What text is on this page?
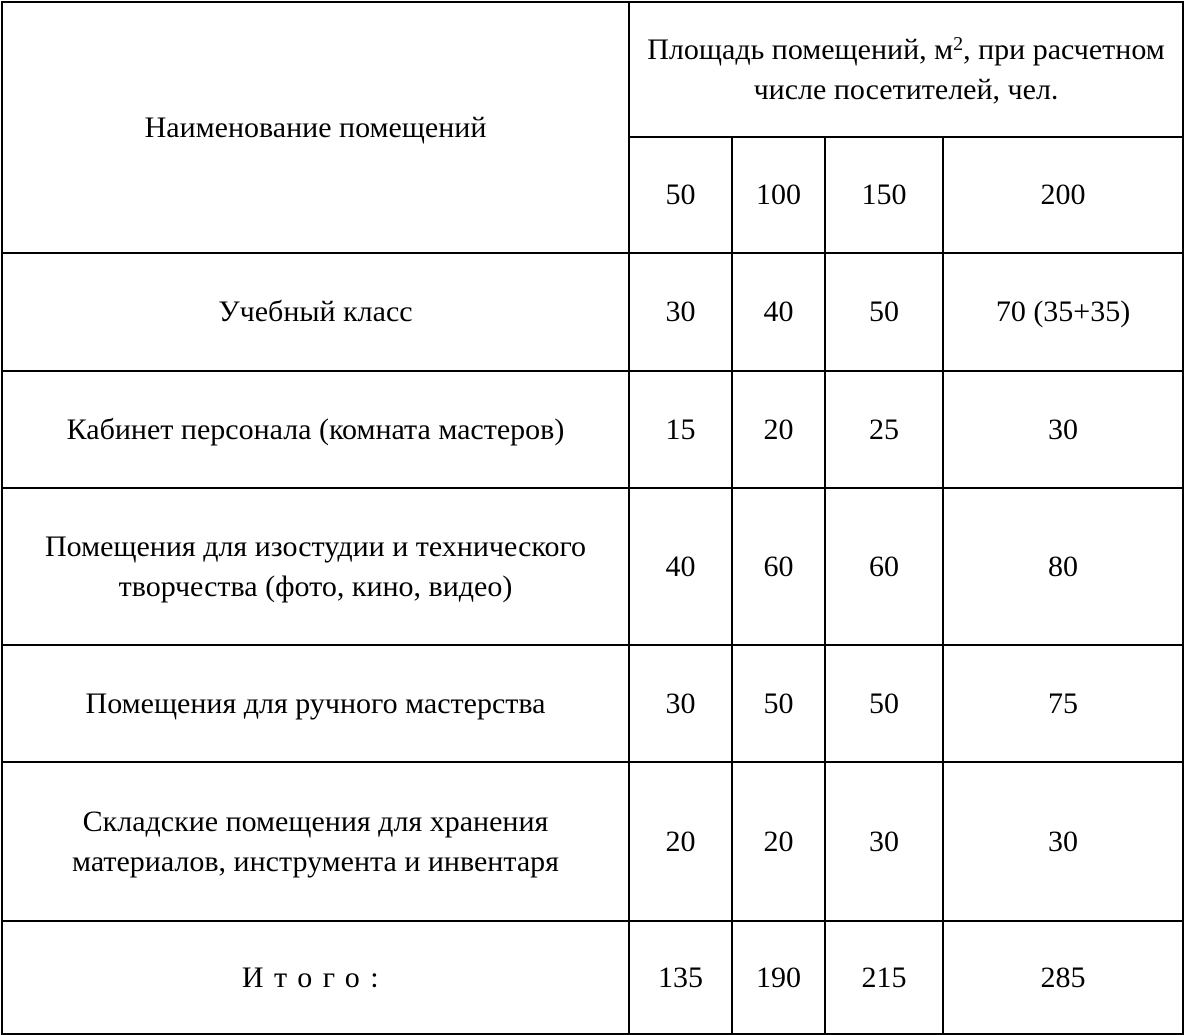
Наименование помещений	Площадь помещений, $м^2$, при расчетном числе посетителей, чел.			
	50	100	150	200
Учебный класс	30	40	50	70 (35+35)
Кабинет персонала (комната мастеров)	15	20	25	30
Помещения для изостудии и технического творчества (фото, кино, видео)	40	60	60	80
Помещения для ручного мастерства	30	50	50	75
Складские помещения для хранения материалов, инструмента и инвентаря	20	20	30	30
Итого:	135	190	215	285
